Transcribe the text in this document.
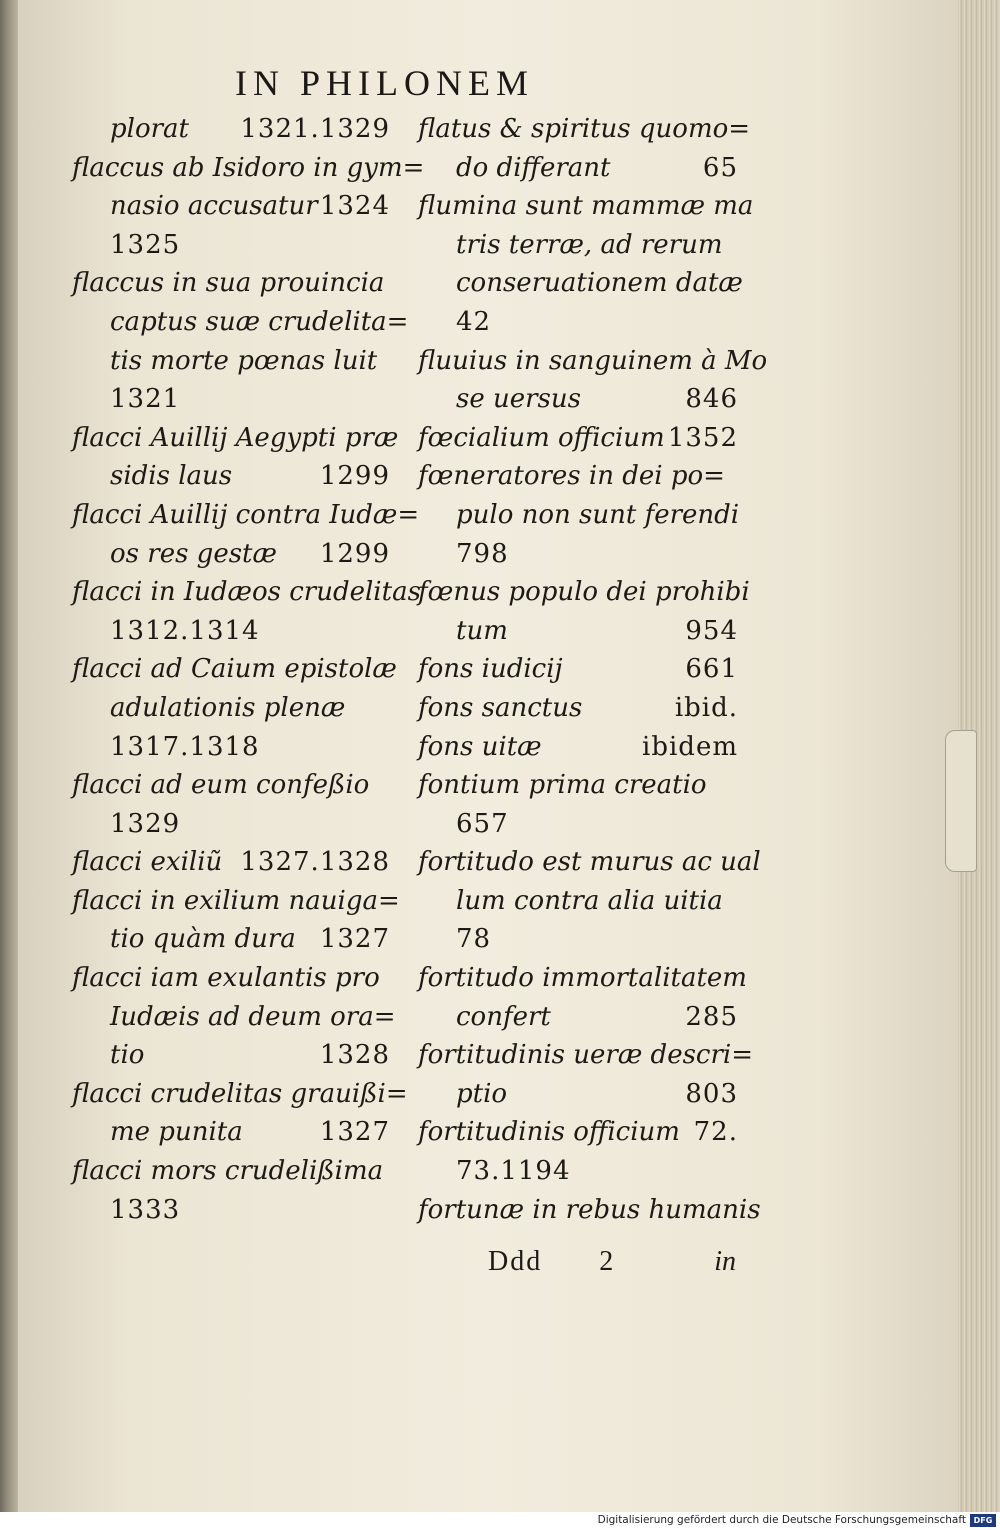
IN PHILONEM
plorat 1321.1329
flaccus ab Isidoro in gym=
nasio accusatur 1324
1325
flaccus in sua prouincia
captus suæ crudelita=
tis morte pœnas luit
1321
flacci Auillij Aegypti præ
sidis laus	1299
flacci Auillij contra Iudæ=
os res gestæ 1299
flacci in Iudæos crudelitas
1312.1314
flacci ad Caium epistolæ
adulationis plenæ
1317.1318
flacci ad eum confeßio
1329
flacci exiliũ 1327.1328
flacci in exilium nauiga=
tio quàm dura 1327
flacci iam exulantis pro
Iudæis ad deum ora=
tio	1328
flacci crudelitas grauißi=
me punita	1327
flacci mors crudelißima
1333
flatus & spiritus quomo=
do differant	65
flumina sunt mammæ ma
tris terræ, ad rerum
conseruationem datæ
42
fluuius in sanguinem à Mo
se uersus	846
fœcialium officium 1352
fœneratores in dei po=
pulo non sunt ferendi
798
fœnus populo dei prohibi
tum	954
fons iudicij	661
fons sanctus	ibid.
fons uitæ	ibidem
fontium prima creatio
657
fortitudo est murus ac ual
lum contra alia uitia
78
fortitudo immortalitatem
confert	285
fortitudinis ueræ descri=
ptio	803
fortitudinis officium 72.
73.1194
fortunæ in rebus humanis
Ddd 2	in
Digitalisierung gefördert durch die Deutsche Forschungsgemeinschaft DFG
